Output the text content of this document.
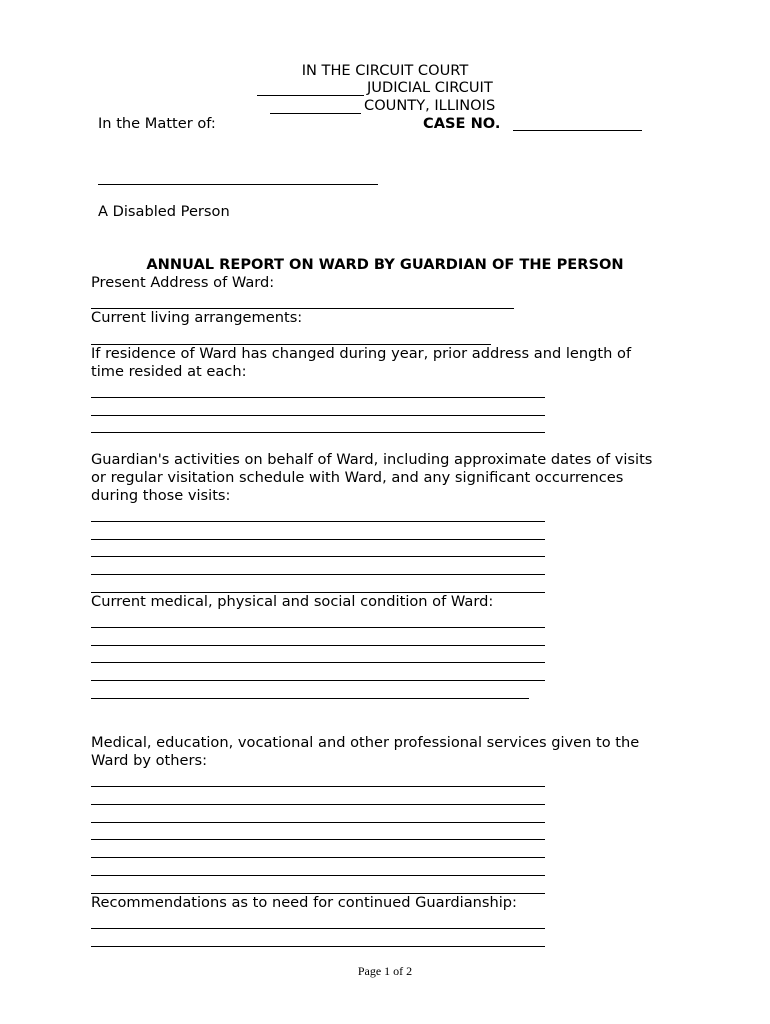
IN THE CIRCUIT COURT
JUDICIAL CIRCUIT
COUNTY, ILLINOIS
In the Matter of:	CASE NO.
A Disabled Person
ANNUAL REPORT ON WARD BY GUARDIAN OF THE PERSON
Present Address of Ward:
Current living arrangements:
If residence of Ward has changed during year, prior address and length of
time resided at each:
Guardian's activities on behalf of Ward, including approximate dates of visits
or regular visitation schedule with Ward, and any significant occurrences
during those visits:
Current medical, physical and social condition of Ward:
Medical, education, vocational and other professional services given to the
Ward by others:
Recommendations as to need for continued Guardianship:
Page 1 of 2
